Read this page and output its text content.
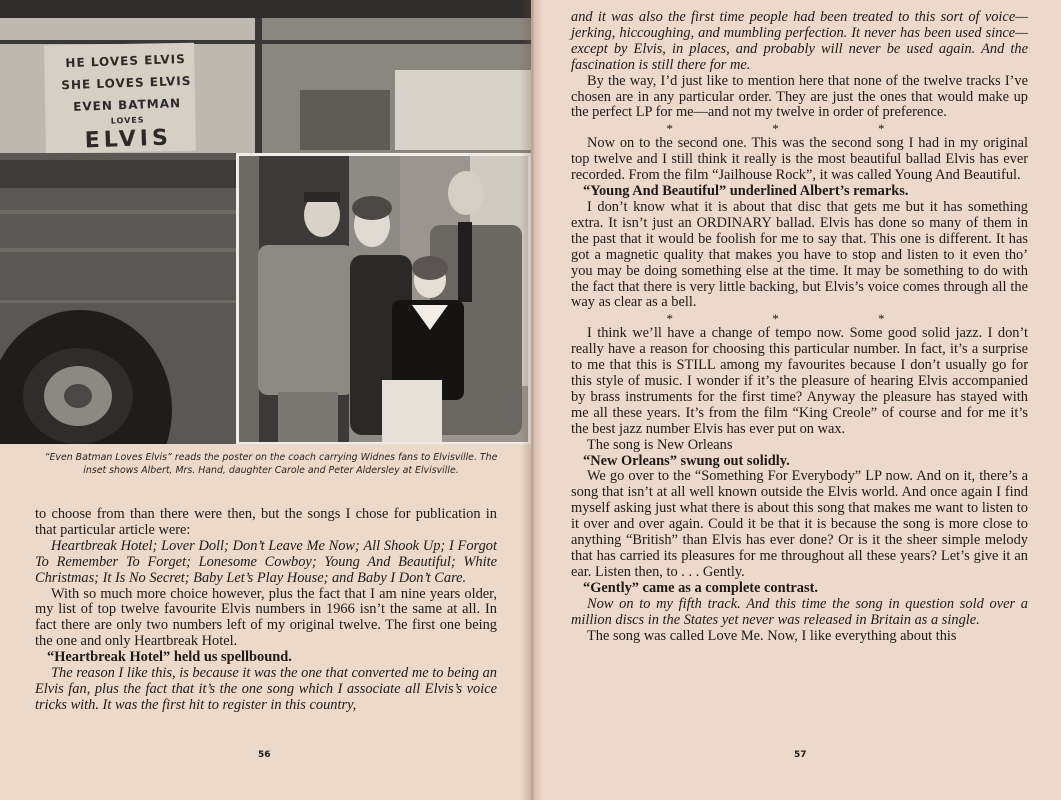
HE LOVES ELVIS
SHE LOVES ELVIS
EVEN BATMAN
LOVES
ELVIS
“Even Batman Loves Elvis” reads the poster on the coach carrying Widnes fans to Elvisville. The inset shows Albert, Mrs. Hand, daughter Carole and Peter Aldersley at Elvisville.

to choose from than there were then, but the songs I chose for publication in that particular article were:

Heartbreak Hotel; Lover Doll; Don’t Leave Me Now; All Shook Up; I Forgot To Remember To Forget; Lonesome Cowboy; Young And Beautiful; White Christmas; It Is No Secret; Baby Let’s Play House; and Baby I Don’t Care.

With so much more choice however, plus the fact that I am nine years older, my list of top twelve favourite Elvis numbers in 1966 isn’t the same at all. In fact there are only two numbers left of my original twelve. The first one being the one and only Heartbreak Hotel.

“Heartbreak Hotel” held us spellbound.

The reason I like this, is because it was the one that converted me to being an Elvis fan, plus the fact that it’s the one song which I associate all Elvis’s voice tricks with. It was the first hit to register in this country,

56

and it was also the first time people had been treated to this sort of voice—jerking, hiccoughing, and mumbling perfection. It never has been used since—except by Elvis, in places, and probably will never be used again. And the fascination is still there for me.

By the way, I’d just like to mention here that none of the twelve tracks I’ve chosen are in any particular order. They are just the ones that would make up the perfect LP for me—and not my twelve in order of preference.

* * *

Now on to the second one. This was the second song I had in my original top twelve and I still think it really is the most beautiful ballad Elvis has ever recorded. From the film “Jailhouse Rock”, it was called Young And Beautiful.

“Young And Beautiful” underlined Albert’s remarks.

I don’t know what it is about that disc that gets me but it has something extra. It isn’t just an ORDINARY ballad. Elvis has done so many of them in the past that it would be foolish for me to say that. This one is different. It has got a magnetic quality that makes you have to stop and listen to it even tho’ you may be doing something else at the time. It may be something to do with the fact that there is very little backing, but Elvis’s voice comes through all the way as clear as a bell.

* * *

I think we’ll have a change of tempo now. Some good solid jazz. I don’t really have a reason for choosing this particular number. In fact, it’s a surprise to me that this is STILL among my favourites because I don’t usually go for this style of music. I wonder if it’s the pleasure of hearing Elvis accompanied by brass instruments for the first time? Anyway the pleasure has stayed with me all these years. It’s from the film “King Creole” of course and for me it’s the best jazz number Elvis has ever put on wax.

The song is New Orleans

“New Orleans” swung out solidly.

We go over to the “Something For Everybody” LP now. And on it, there’s a song that isn’t at all well known outside the Elvis world. And once again I find myself asking just what there is about this song that makes me want to listen to it over and over again. Could it be that it is because the song is more close to anything “British” than Elvis has ever done? Or is it the sheer simple melody that has carried its pleasures for me throughout all these years? Let’s give it an ear. Listen then, to . . . Gently.

“Gently” came as a complete contrast.

Now on to my fifth track. And this time the song in question sold over a million discs in the States yet never was released in Britain as a single.

The song was called Love Me. Now, I like everything about this

57
